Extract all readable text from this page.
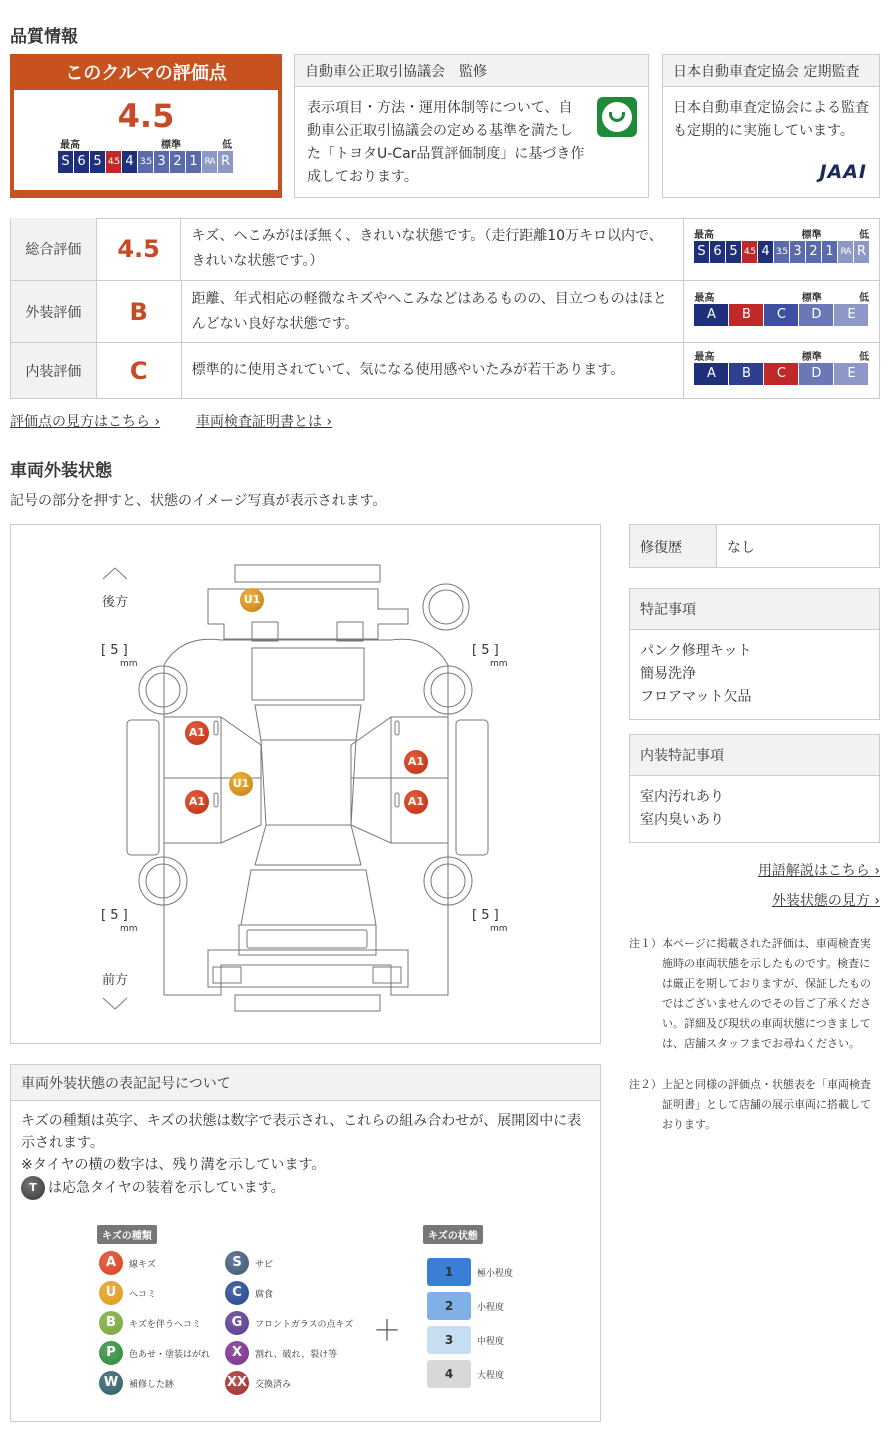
品質情報
このクルマの評価点
4.5
最高	標準	低
S 6 5 4.5 4 3.5 3 2 1 RA R
自動車公正取引協議会　監修
表示項目・方法・運用体制等について、自動車公正取引協議会の定める基準を満たした「トヨタU-Car品質評価制度」に基づき作成しております。
日本自動車査定協会 定期監査
日本自動車査定協会による監査も定期的に実施しています。
JAAI
総合評価	4.5	キズ、へこみがほぼ無く、きれいな状態です。（走行距離10万キロ以内で、きれいな状態です。）
最高	標準	低
S 6 5 4.5 4 3.5 3 2 1 RA R
外装評価	B	距離、年式相応の軽微なキズやへこみなどはあるものの、目立つものはほとんどない良好な状態です。
最高	標準	低
A	B	C	D	E
内装評価	C	標準的に使用されていて、気になる使用感やいたみが若干あります。
最高	標準	低
A	B	C	D	E
評価点の見方はこちら ›	車両検査証明書とは ›
車両外装状態
記号の部分を押すと、状態のイメージ写真が表示されます。
後方
前方
[ 5 ]
mm
[ 5 ]
mm
[ 5 ]
mm
[ 5 ]
mm
U1
A1
U1
A1
A1
A1
修復歴	なし
特記事項
パンク修理キット
簡易洗浄
フロアマット欠品
内装特記事項
室内汚れあり
室内臭いあり
用語解説はこちら ›
外装状態の見方 ›
注１） 本ページに掲載された評価は、車両検査実施時の車両状態を示したものです。検査には厳正を期しておりますが、保証したものではございませんのでその旨ご了承ください。詳細及び現状の車両状態につきましては、店舗スタッフまでお尋ねください。
注２） 上記と同様の評価点・状態表を「車両検査証明書」として店舗の展示車両に搭載しております。
車両外装状態の表記記号について
キズの種類は英字、キズの状態は数字で表示され、これらの組み合わせが、展開図中に表示されます。
※タイヤの横の数字は、残り溝を示しています。
T は応急タイヤの装着を示しています。
キズの種類	キズの状態
A	線キズ
U	ヘコミ
B	キズを伴うヘコミ
P	色あせ・塗装はがれ
W	補修した跡
S	サビ
C	腐食
G	フロントガラスの点キズ
X	割れ、破れ、裂け等
XX 交換済み
＋
1	極小程度
2	小程度
3	中程度
4	大程度
